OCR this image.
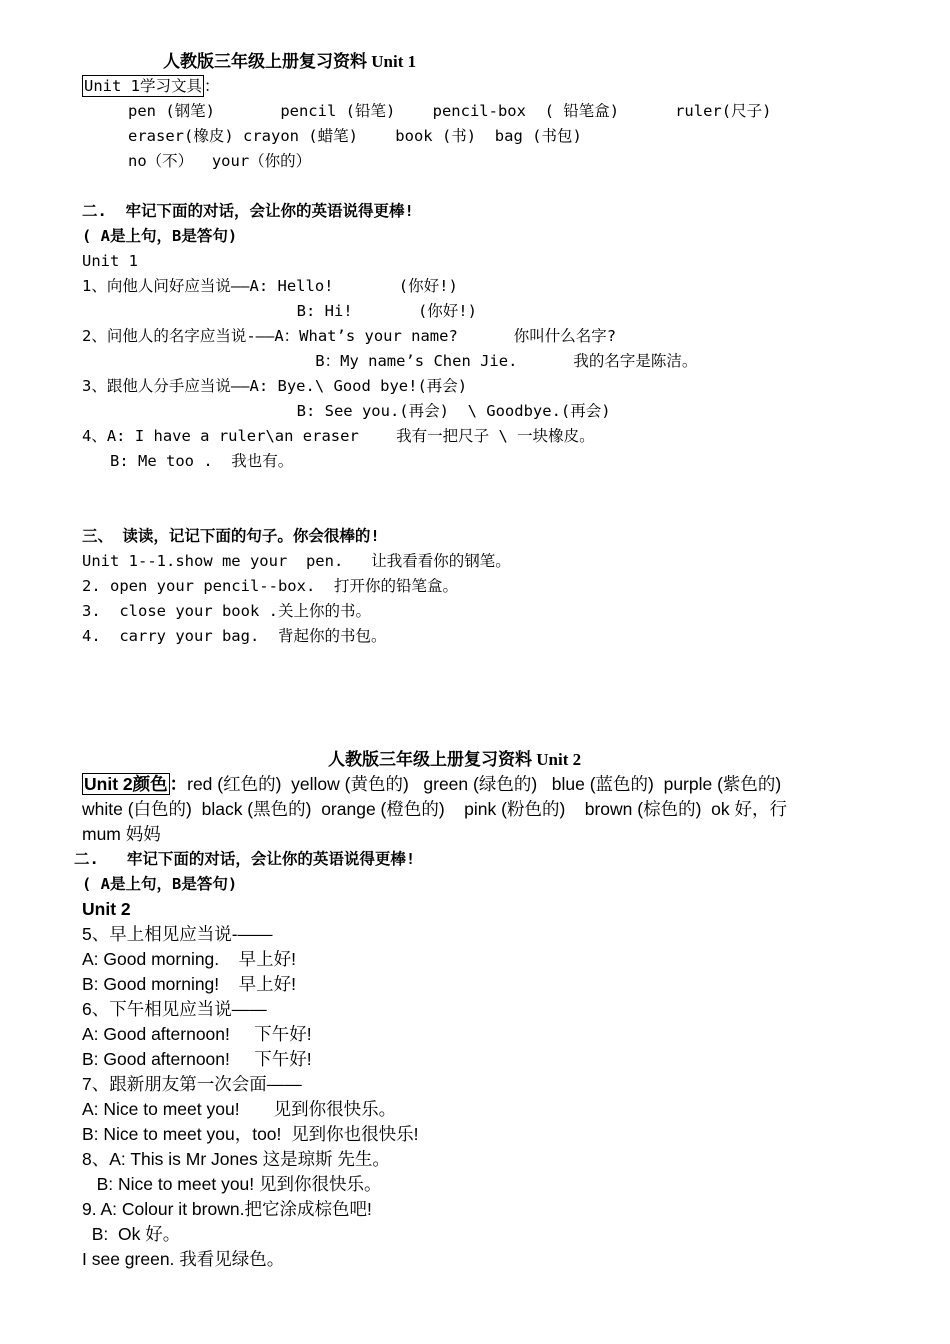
人教版三年级上册复习资料 Unit 1
Unit 1学习文具 ：
pen (钢笔)       pencil (铅笔)    pencil-box  ( 铅笔盒)      ruler(尺子)
eraser(橡皮) crayon (蜡笔)    book (书)  bag (书包)
no（不）  your（你的）
二.  牢记下面的对话，会让你的英语说得更棒!
( A是上句，B是答句)
Unit 1
1、向他人问好应当说——A: Hello!       (你好!)
B: Hi!       (你好!)
2、问他人的名字应当说-——A：What’s your name?      你叫什么名字?
B：My name’s Chen Jie.      我的名字是陈洁。
3、跟他人分手应当说——A: Bye.\ Good bye!(再会)
B: See you.(再会)  \ Goodbye.(再会)
4、A: I have a ruler\an eraser    我有一把尺子 \ 一块橡皮。
B: Me too .  我也有。
三、 读读，记记下面的句子。你会很棒的!
Unit 1--1.show me your  pen.   让我看看你的钢笔。
2. open your pencil--box.  打开你的铅笔盒。
3.  close your book .关上你的书。
4.  carry your bag.  背起你的书包。
人教版三年级上册复习资料 Unit 2
Unit 2颜色 ：red (红色的)  yellow (黄色的)   green (绿色的)   blue (蓝色的)  purple (紫色的)
white (白色的)  black (黑色的)  orange (橙色的)    pink (粉色的)    brown (棕色的)  ok 好，行
mum 妈妈
二.   牢记下面的对话，会让你的英语说得更棒!
( A是上句，B是答句)
Unit 2
5、早上相见应当说-——
A: Good morning.    早上好!
B: Good morning!    早上好!
6、下午相见应当说——
A: Good afternoon!     下午好!
B: Good afternoon!     下午好!
7、跟新朋友第一次会面——
A: Nice to meet you!       见到你很快乐。
B: Nice to meet you，too!  见到你也很快乐!
8、A: This is Mr Jones 这是琼斯 先生。
B: Nice to meet you! 见到你很快乐。
9. A: Colour it brown.把它涂成棕色吧!
B:  Ok 好。
I see green. 我看见绿色。
